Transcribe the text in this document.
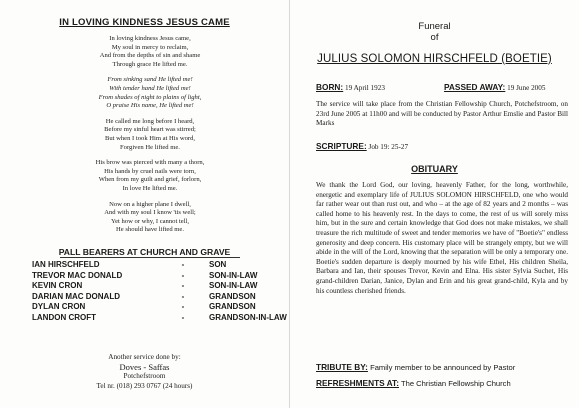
IN LOVING KINDNESS JESUS CAME
In loving kindness Jesus came,
My soul in mercy to reclaim,
And from the depths of sin and shame
Through grace He lifted me.
From sinking sand He lifted me!
With tender hand He lifted me!
From shades of night to plains of light,
O praise His name, He lifted me!
He called me long before I heard,
Before my sinful heart was stirred;
But when I took Him at His word,
Forgiven He lifted me.
His brow was pierced with many a thorn,
His hands by cruel nails were torn,
When from my guilt and grief, forlorn,
In love He lifted me.
Now on a higher plane I dwell,
And with my soul I know 'tis well;
Yet how or why, I cannot tell,
He should have lifted me.
PALL BEARERS AT CHURCH AND GRAVE
IAN HIRSCHFELD	-	SON
TREVOR MAC DONALD	-	SON-IN-LAW
KEVIN CRON	-	SON-IN-LAW
DARIAN MAC DONALD	-	GRANDSON
DYLAN CRON	-	GRANDSON
LANDON CROFT	-	GRANDSON-IN-LAW
Another service done by:
Doves - Saffas
Potchefstroom
Tel nr. (018) 293 0767 (24 hours)
Funeral
of
JULIUS SOLOMON HIRSCHFELD (BOETIE)
BORN: 19 April 1923	PASSED AWAY: 19 June 2005
The service will take place from the Christian Fellowship Church, Potchefstroom, on 23rd June 2005 at 11h00 and will be conducted by Pastor Arthur Emslie and Pastor Bill Marks
SCRIPTURE: Job 19: 25-27
OBITUARY
We thank the Lord God, our loving, heavenly Father, for the long, worthwhile, energetic and exemplary life of JULIUS SOLOMON HIRSCHFELD, one who would far rather wear out than rust out, and who – at the age of 82 years and 2 months – was called home to his heavenly rest. In the days to come, the rest of us will sorely miss him, but in the sure and certain knowledge that God does not make mistakes, we shall treasure the rich multitude of sweet and tender memories we have of "Boetie's" endless generosity and deep concern. His customary place will be strangely empty, but we will abide in the will of the Lord, knowing that the separation will be only a temporary one. Boetie's sudden departure is deeply mourned by his wife Ethel, His children Sheila, Barbara and Ian, their spouses Trevor, Kevin and Elna. His sister Sylvia Suchet, His grand-children Darian, Janice, Dylan and Erin and his great grand-child, Kyla and by his countless cherished friends.
TRIBUTE BY: Family member to be announced by Pastor
REFRESHMENTS AT: The Christian Fellowship Church
